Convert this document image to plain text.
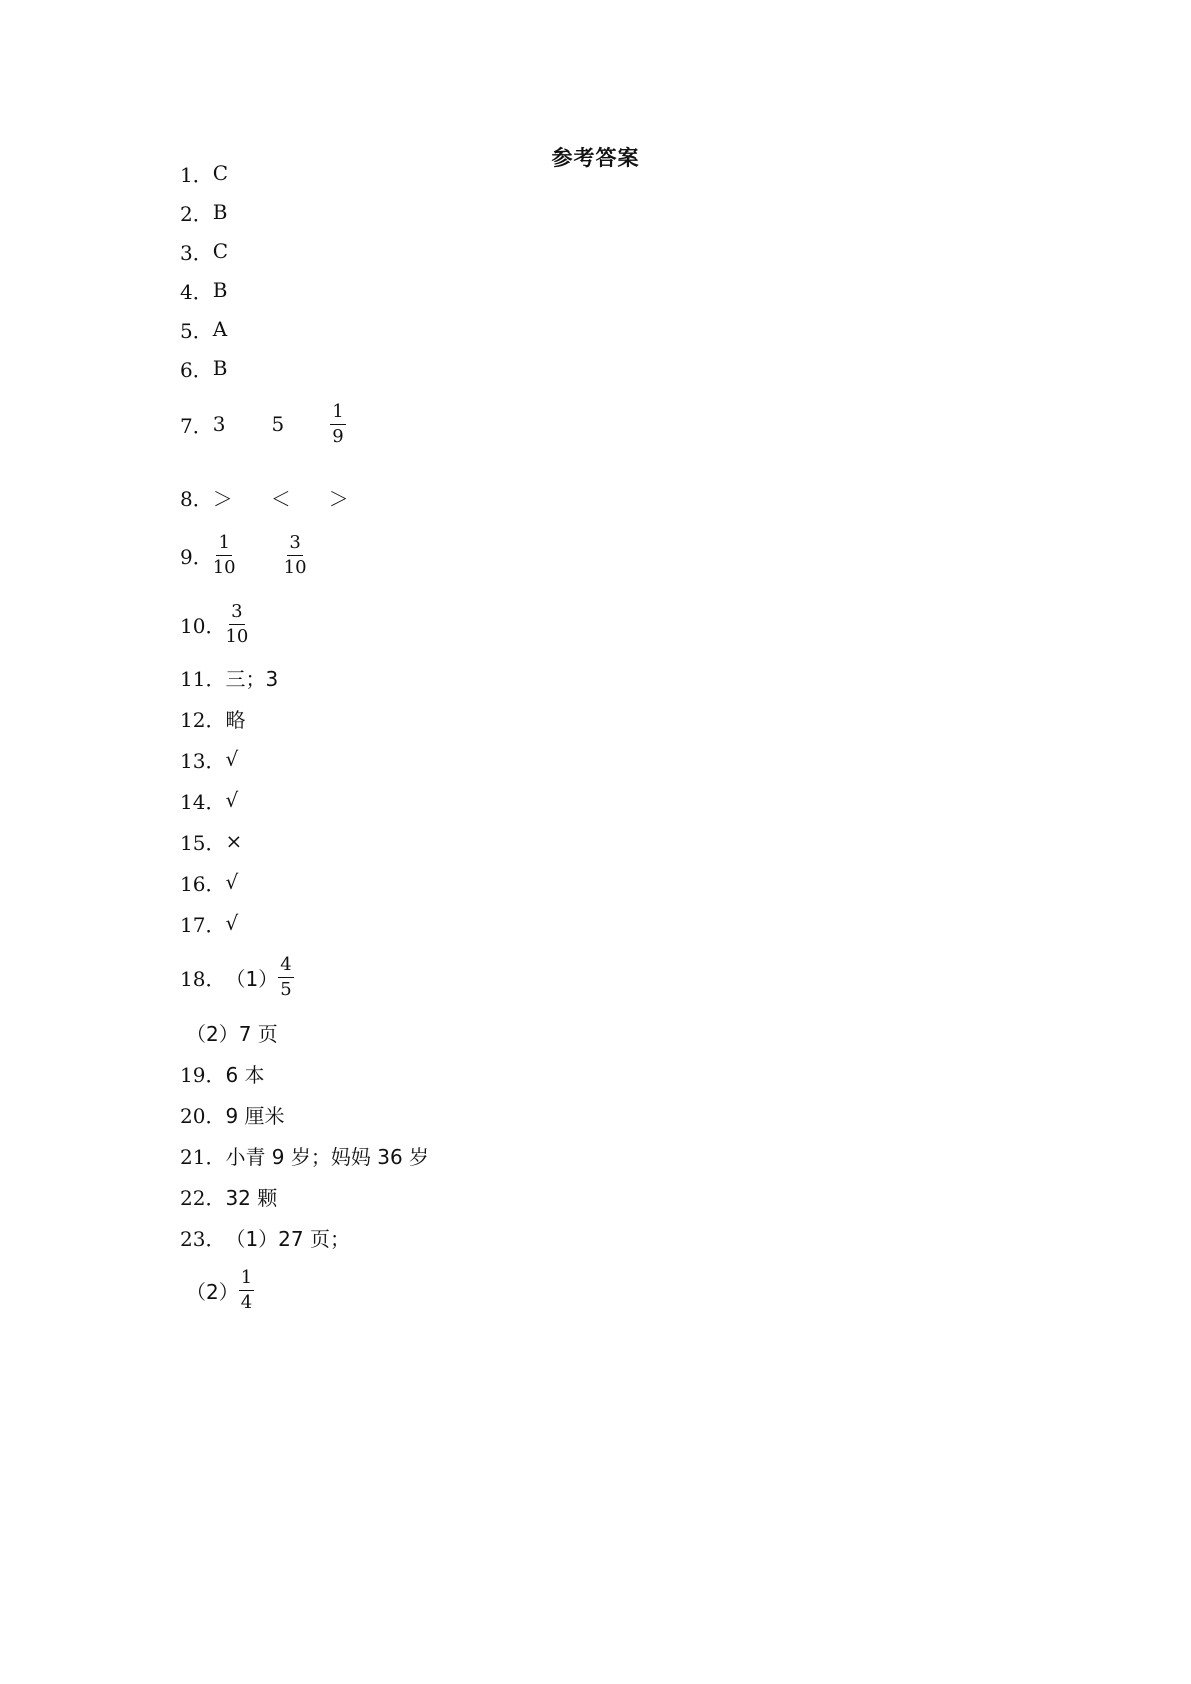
参考答案
1． C
2． B
3． C
4． B
5． A
6． B
7． 3 5	$\frac{1}{9}$
8． ＞ ＜ ＞
9． $\frac{1}{10}$	$\frac{3}{10}$
10． $\frac{3}{10}$
11． 三；3
12． 略
13． √
14． √
15． ×
16． √
17． √
18． $(1) \frac{4}{5}$
（2）7 页
19． 6 本
20． 9 厘米
21． 小青 9 岁；妈妈 36 岁
22． 32 颗
23． （1）27 页；
$(2) \frac{1}{4}$
